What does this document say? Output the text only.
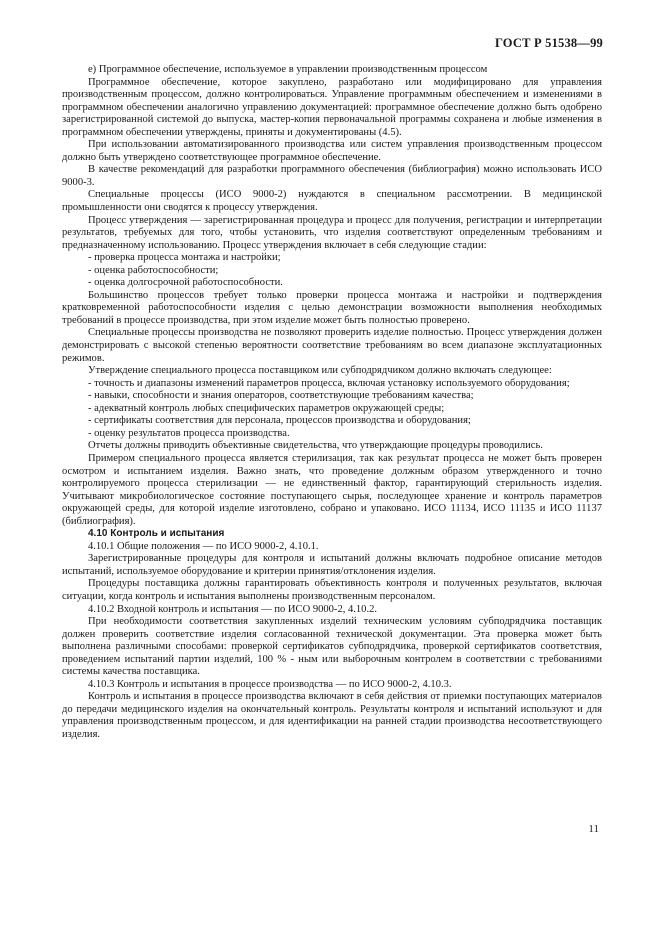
ГОСТ Р 51538—99

e) Программное обеспечение, используемое в управлении производственным процессом

Программное обеспечение, которое закуплено, разработано или модифицировано для управления производственным процессом, должно контролироваться. Управление программным обеспечением и изменениями в программном обеспечении аналогично управлению документацией: программное обеспечение должно быть одобрено зарегистрированной системой до выпуска, мастер-копия первоначальной программы сохранена и любые изменения в программном обеспечении утверждены, приняты и документированы (4.5).

При использовании автоматизированного производства или систем управления производственным процессом должно быть утверждено соответствующее программное обеспечение.

В качестве рекомендаций для разработки программного обеспечения (библиография) можно использовать ИСО 9000-3.

Специальные процессы (ИСО 9000-2) нуждаются в специальном рассмотрении. В медицинской промышленности они сводятся к процессу утверждения.

Процесс утверждения — зарегистрированная процедура и процесс для получения, регистрации и интерпретации результатов, требуемых для того, чтобы установить, что изделия соответствуют определенным требованиям и предназначенному использованию. Процесс утверждения включает в себя следующие стадии:

- проверка процесса монтажа и настройки;

- оценка работоспособности;

- оценка долгосрочной работоспособности.

Большинство процессов требует только проверки процесса монтажа и настройки и подтверждения кратковременной работоспособности изделия с целью демонстрации возможности выполнения необходимых требований в процессе производства, при этом изделие может быть полностью проверено.

Специальные процессы производства не позволяют проверить изделие полностью. Процесс утверждения должен демонстрировать с высокой степенью вероятности соответствие требованиям во всем диапазоне эксплуатационных режимов.

Утверждение специального процесса поставщиком или субподрядчиком должно включать следующее:

- точность и диапазоны изменений параметров процесса, включая установку используемого оборудования;

- навыки, способности и знания операторов, соответствующие требованиям качества;

- адекватный контроль любых специфических параметров окружающей среды;

- сертификаты соответствия для персонала, процессов производства и оборудования;

- оценку результатов процесса производства.

Отчеты должны приводить объективные свидетельства, что утверждающие процедуры проводились.

Примером специального процесса является стерилизация, так как результат процесса не может быть проверен осмотром и испытанием изделия. Важно знать, что проведение должным образом утвержденного и точно контролируемого процесса стерилизации — не единственный фактор, гарантирующий стерильность изделия. Учитывают микробиологическое состояние поступающего сырья, последующее хранение и контроль параметров окружающей среды, для которой изделие изготовлено, собрано и упаковано. ИСО 11134, ИСО 11135 и ИСО 11137 (библиография).

4.10 Контроль и испытания

4.10.1 Общие положения — по ИСО 9000-2, 4.10.1.

Зарегистрированные процедуры для контроля и испытаний должны включать подробное описание методов испытаний, используемое оборудование и критерии принятия/отклонения изделия.

Процедуры поставщика должны гарантировать объективность контроля и полученных результатов, включая ситуации, когда контроль и испытания выполнены производственным персоналом.

4.10.2 Входной контроль и испытания — по ИСО 9000-2, 4.10.2.

При необходимости соответствия закупленных изделий техническим условиям субподрядчика поставщик должен проверить соответствие изделия согласованной технической документации. Эта проверка может быть выполнена различными способами: проверкой сертификатов субподрядчика, проверкой сертификатов соответствия, проведением испытаний партии изделий, 100 % - ным или выборочным контролем в соответствии с требованиями системы качества поставщика.

4.10.3 Контроль и испытания в процессе производства — по ИСО 9000-2, 4.10.3.

Контроль и испытания в процессе производства включают в себя действия от приемки поступающих материалов до передачи медицинского изделия на окончательный контроль. Результаты контроля и испытаний используют и для управления производственным процессом, и для идентификации на ранней стадии производства несоответствующего изделия.

11
